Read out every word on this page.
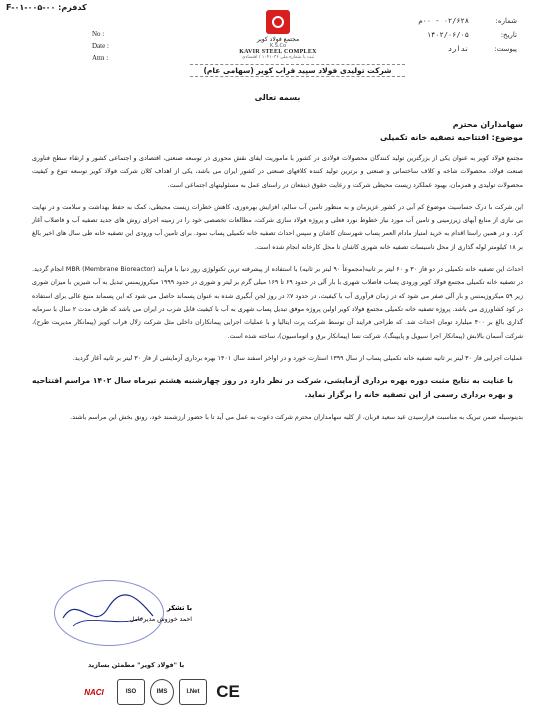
کدفرم: F-۰۱-۰۰۵-۰۰
شماره:
۰۲/۶۲۸ - ۰۰م
تاریخ:
۱۴۰۲/۰۶/۰۵
پیوست:
ندارد
No :
Date :
Attn :
مجتمع فولاد کوير
K.S.Co
KAVIR STEEL COMPLEX
ثبت با شماره ملی ۱۰۴۱۰۳۶ / اقتصادی
شرکت تولیدی فولاد سپید فراب کویر (سهامی عام)
بسمه تعالی
سهامداران محترم
موضوع: افتتاحیه تصفیه خانه تکمیلی

مجتمع فولاد کویر به عنوان یکی از بزرگترین تولید کنندگان محصولات فولادی در کشور با ماموریت ایفای نقش محوری در توسعه صنعتی، اقتصادی و اجتماعی کشور و ارتقاء سطح فناوری صنعت فولاد، محصولات شاخه و کلاف ساختمانی و صنعتی و برترین تولید کننده کلافهای صنعتی در کشور ایران می باشد، یکی از اهداف کلان شرکت فولاد کویر توسعه تنوع و کیفیت محصولات تولیدی و همزمان، بهبود عملکرد زیست محیطی شرکت و رعایت حقوق ذینفعان در راستای عمل به مسئولیتهای اجتماعی است.

این شرکت با درک حساسیت موضوع کم آبی در کشور عزیزمان و به منظور تامین آب سالم، افزایش بهره‌وری، کاهش خطرات زیست محیطی، کمک به حفظ بهداشت و سلامت و در نهایت بی نیازی از منابع آبهای زیرزمینی و تامین آب مورد نیاز خطوط نورد فعلی و پروژه فولاد سازی شرکت، مطالعات تخصصی خود را در زمینه اجرای روش های جدید تصفیه آب و فاضلاب آغاز کرد. و در همین راستا اقدام به خرید امتیاز مادام العمر پساب شهرستان کاشان و سپس احداث تصفیه خانه تکمیلی پساب نمود. برای تامین آب ورودی این تصفیه خانه طی سال های اخیر بالغ بر ۱۸ کیلومتر لوله گذاری از محل تاسیسات تصفیه خانه شهری کاشان تا محل کارخانه انجام شده است.

احداث این تصفیه خانه تکمیلی در دو فاز ۳۰ و ۶۰ لیتر بر ثانیه(مجموعاً ۹۰ لیتر بر ثانیه) با استفاده از پیشرفته ترین تکنولوژی روز دنیا با فرآیند MBR (Membrane Bioreactor) انجام گردید. در تصفیه خانه تکمیلی مجتمع فولاد کویر ورودی پساب فاضلاب شهری با بار آلی در حدود ۶۹ تا ۱۶۹ میلی گرم بر لیتر و شوری در حدود ۱۹۹۹ میکروزیمنس تبدیل به آب شیرین با میزان شوری زیر ۵۹ میکروزیمنس و بار آلی صفر می شود که در زمان فرآوری آب با کیفیت، در حدود ۷٪ در روز لجن آبگیری شده به عنوان پسماند حاصل می شود که این پسماند منبع عالی برای استفاده در کود کشاورزی می باشد. پروژه تصفیه خانه تکمیلی مجتمع فولاد کویر اولین پروژه موفق تبدیل پساب شهری به آب با کیفیت قابل شرب در ایران می باشد که ظرف مدت ۲ سال با سرمایه گذاری بالغ بر ۴۰۰ میلیارد تومان احداث شد. که طراحی فرایند آن توسط شرکت پرت ایتالیا و با عملیات اجرایی پیمانکاران داخلی مثل شرکت زلال فراب کویر (پیمانکار مدیریت طرح)، شرکت آسمان بالابش (پیمانکار اجرا سیویل و پایپینگ)، شرکت نسا (پیمانکار برق و اتوماسیون)، ساخته شده است.

عملیات اجرایی فاز ۳۰ لیتر بر ثانیه تصفیه خانه تکمیلی پساب از سال ۱۳۹۹ استارت خورد و در اواخر اسفند سال ۱۴۰۱ بهره برداری آزمایشی از فاز ۳۰ لیتر بر ثانیه آغاز گردید.

با عنایت به نتایج مثبت دوره بهره برداری آزمایشی، شرکت در نظر دارد در روز چهارشنبه هشتم تیرماه سال ۱۴۰۲ مراسم افتتاحیه و بهره برداری رسمی از این تصفیه خانه را برگزار نماید.

بدینوسیله ضمن تبریک به مناسبت فرارسیدن عید سعید قربان، از کلیه سهامداران محترم شرکت دعوت به عمل می آید تا با حضور ارزشمند خود، رونق بخش این مراسم باشند.

با تشکر
احمد خوزوش مدیرعامل
با "فولاد کویر" مطمئن بسازید
NACI	ISO	IMS	I.Net CE
